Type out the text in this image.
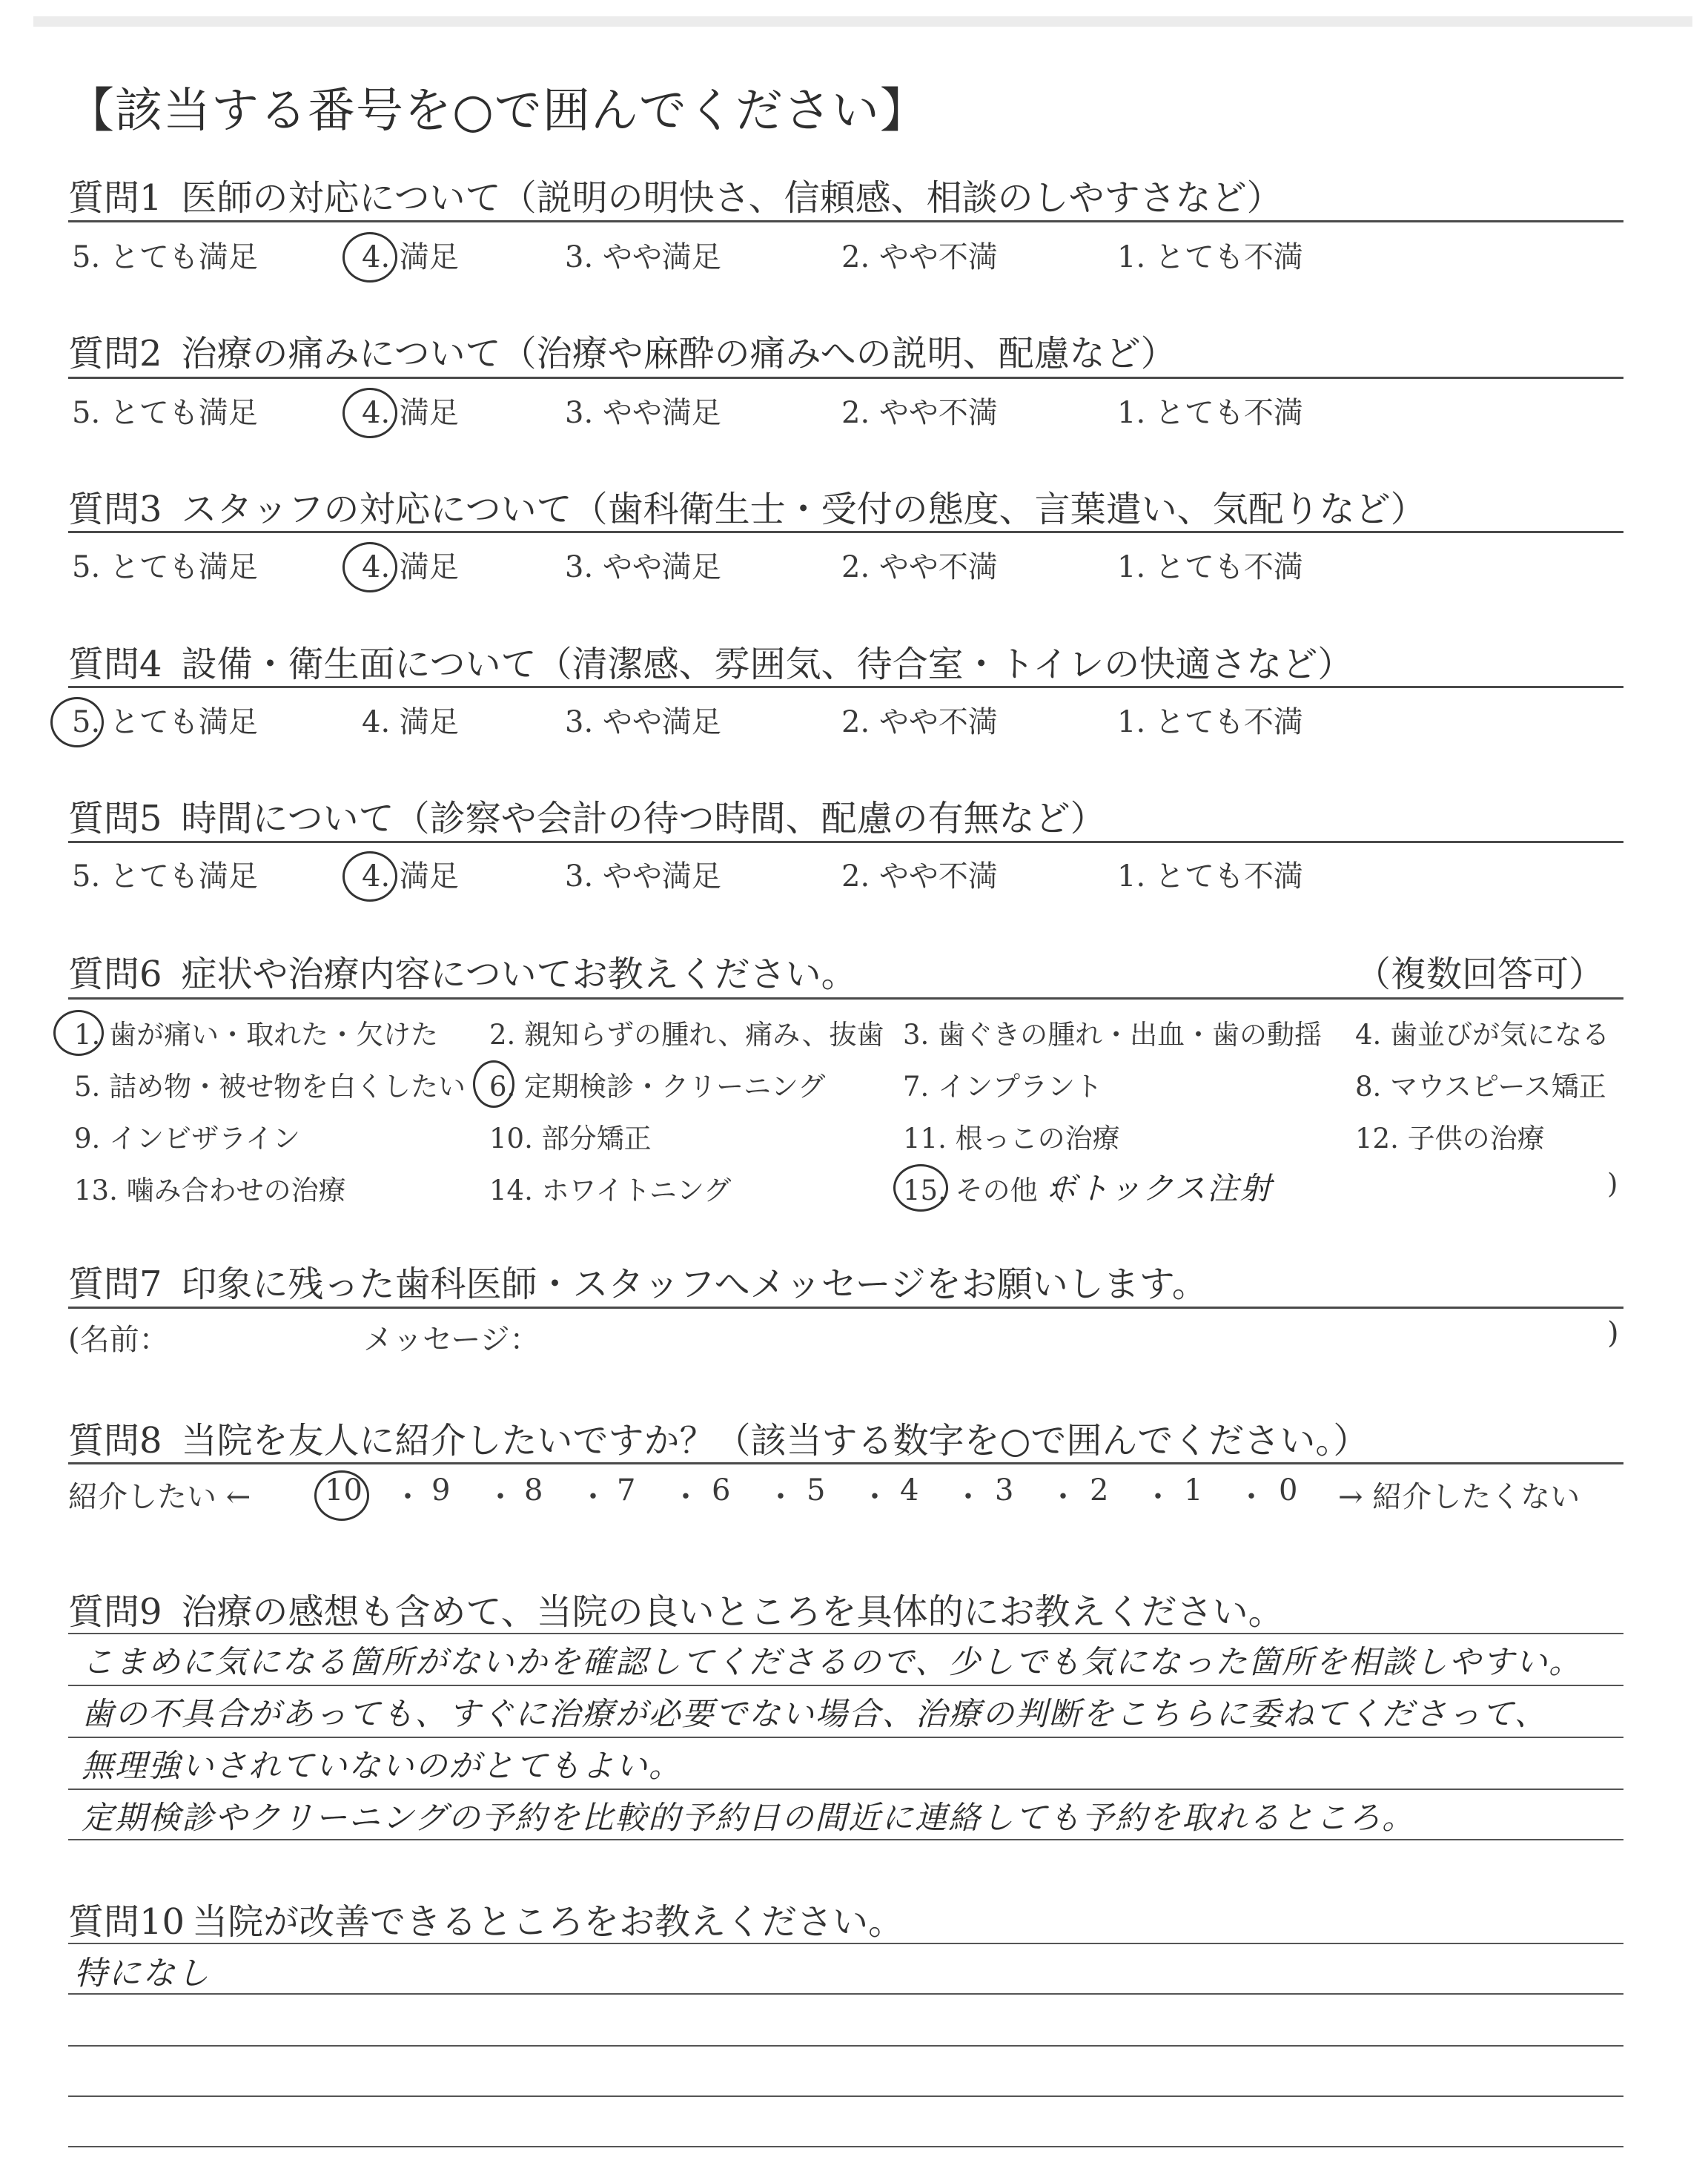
【該当する番号を○で囲んでください】
質問1 医師の対応について（説明の明快さ、信頼感、相談のしやすさなど）
5. とても満足	4. 満足	3. やや満足	2. やや不満	1. とても不満
質問2 治療の痛みについて（治療や麻酔の痛みへの説明、配慮など）
5. とても満足	4. 満足	3. やや満足	2. やや不満	1. とても不満
質問3 スタッフの対応について（歯科衛生士・受付の態度、言葉遣い、気配りなど）
5. とても満足	4. 満足	3. やや満足	2. やや不満	1. とても不満
質問4 設備・衛生面について（清潔感、雰囲気、待合室・トイレの快適さなど）
5. とても満足	4. 満足	3. やや満足	2. やや不満	1. とても不満
質問5 時間について（診察や会計の待つ時間、配慮の有無など）
5. とても満足	4. 満足	3. やや満足	2. やや不満	1. とても不満
質問6 症状や治療内容についてお教えください。	（複数回答可）
1. 歯が痛い・取れた・欠けた 2. 親知らずの腫れ、痛み、抜歯 3. 歯ぐきの腫れ・出血・歯の動揺 4. 歯並びが気になる
5. 詰め物・被せ物を白くしたい 6. 定期検診・クリーニング	7. インプラント	8. マウスピース矯正
9. インビザライン	10. 部分矯正	11. 根っこの治療	12. 子供の治療
13. 噛み合わせの治療	14. ホワイトニング	15. その他（
ボトックス注射	)
質問7 印象に残った歯科医師・スタッフへメッセージをお願いします。
(名前：	メッセージ：	)
質問8 当院を友人に紹介したいですか？（該当する数字を○で囲んでください。）
紹介したい ←	→ 紹介したくない
10 ・ 9 ・ 8 ・ 7 ・ 6 ・ 5 ・ 4 ・ 3 ・ 2 ・ 1 ・ 0
質問9 治療の感想も含めて、当院の良いところを具体的にお教えください。
こまめに気になる箇所がないかを確認してくださるので、少しでも気になった箇所を相談しやすい。
歯の不具合があっても、すぐに治療が必要でない場合、治療の判断をこちらに委ねてくださって、
無理強いされていないのがとてもよい。
定期検診やクリーニングの予約を比較的予約日の間近に連絡しても予約を取れるところ。
質問10 当院が改善できるところをお教えください。
特になし
